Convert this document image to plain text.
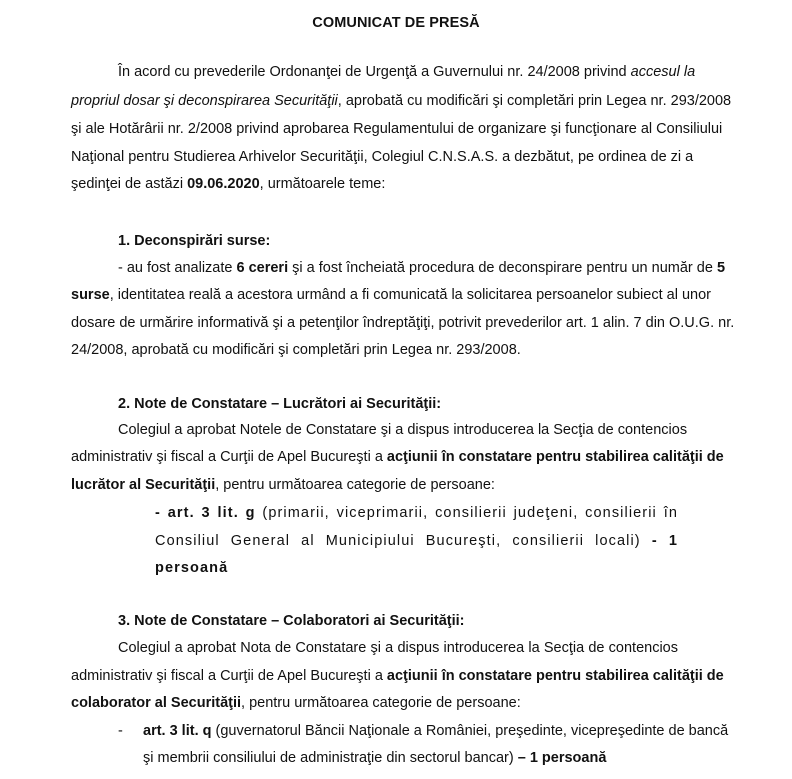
COMUNICAT DE PRESĂ
În acord cu prevederile Ordonanţei de Urgenţă a Guvernului nr. 24/2008 privind accesul la
propriul dosar şi deconspirarea Securităţii, aprobată cu modificări şi completări prin Legea nr. 293/2008
şi ale Hotărârii nr. 2/2008 privind aprobarea Regulamentului de organizare şi funcţionare al Consiliului
Naţional pentru Studierea Arhivelor Securităţii, Colegiul C.N.S.A.S. a dezbătut, pe ordinea de zi a
şedinţei de astăzi 09.06.2020, următoarele teme:
1. Deconspirări surse:
- au fost analizate 6 cereri şi a fost încheiată procedura de deconspirare pentru un număr de 5
surse, identitatea reală a acestora urmând a fi comunicată la solicitarea persoanelor subiect al unor
dosare de urmărire informativă şi a petenţilor îndreptăţiţi, potrivit prevederilor art. 1 alin. 7 din O.U.G. nr.
24/2008, aprobată cu modificări şi completări prin Legea nr. 293/2008.
2. Note de Constatare – Lucrători ai Securităţii:
Colegiul a aprobat Notele de Constatare şi a dispus introducerea la Secţia de contencios
administrativ şi fiscal a Curţii de Apel Bucureşti a acţiunii în constatare pentru stabilirea calităţii de
lucrător al Securităţii, pentru următoarea categorie de persoane:
- art. 3 lit. g (primarii, viceprimarii, consilierii judeţeni, consilierii în
Consiliul General al Municipiului Bucureşti, consilierii locali) - 1
persoană
3. Note de Constatare – Colaboratori ai Securităţii:
Colegiul a aprobat Nota de Constatare şi a dispus introducerea la Secţia de contencios
administrativ şi fiscal a Curţii de Apel Bucureşti a acţiunii în constatare pentru stabilirea calităţii de
colaborator al Securităţii, pentru următoarea categorie de persoane:
- art. 3 lit. q (guvernatorul Băncii Naţionale a României, preşedinte, vicepreşedinte de bancă
şi membrii consiliului de administraţie din sectorul bancar) – 1 persoană
